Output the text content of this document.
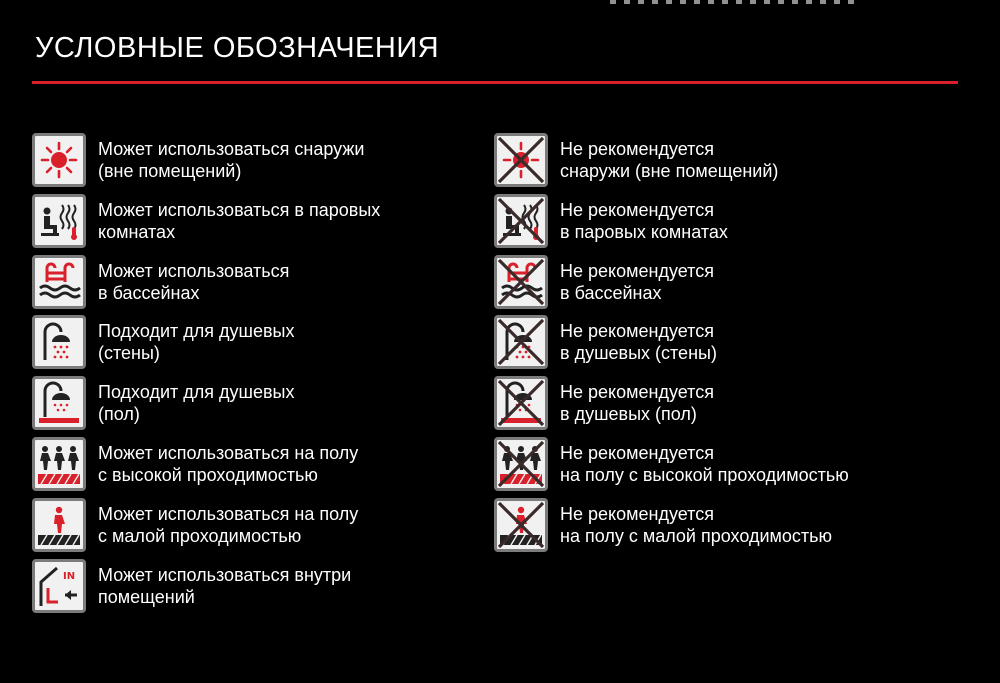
УСЛОВНЫЕ ОБОЗНАЧЕНИЯ
Может использоваться снаружи
(вне помещений)
Может использоваться в паровых
комнатах
Может использоваться
в бассейнах
Подходит для душевых
(стены)
Подходит для душевых
(пол)
Может использоваться на полу
с высокой проходимостью
Может использоваться на полу
с малой проходимостью
IN Может использоваться внутри
помещений
Не рекомендуется
снаружи (вне помещений)
Не рекомендуется
в паровых комнатах
Не рекомендуется
в бассейнах
Не рекомендуется
в душевых (стены)
Не рекомендуется
в душевых (пол)
Не рекомендуется
на полу с высокой проходимостью
Не рекомендуется
на полу с малой проходимостью
